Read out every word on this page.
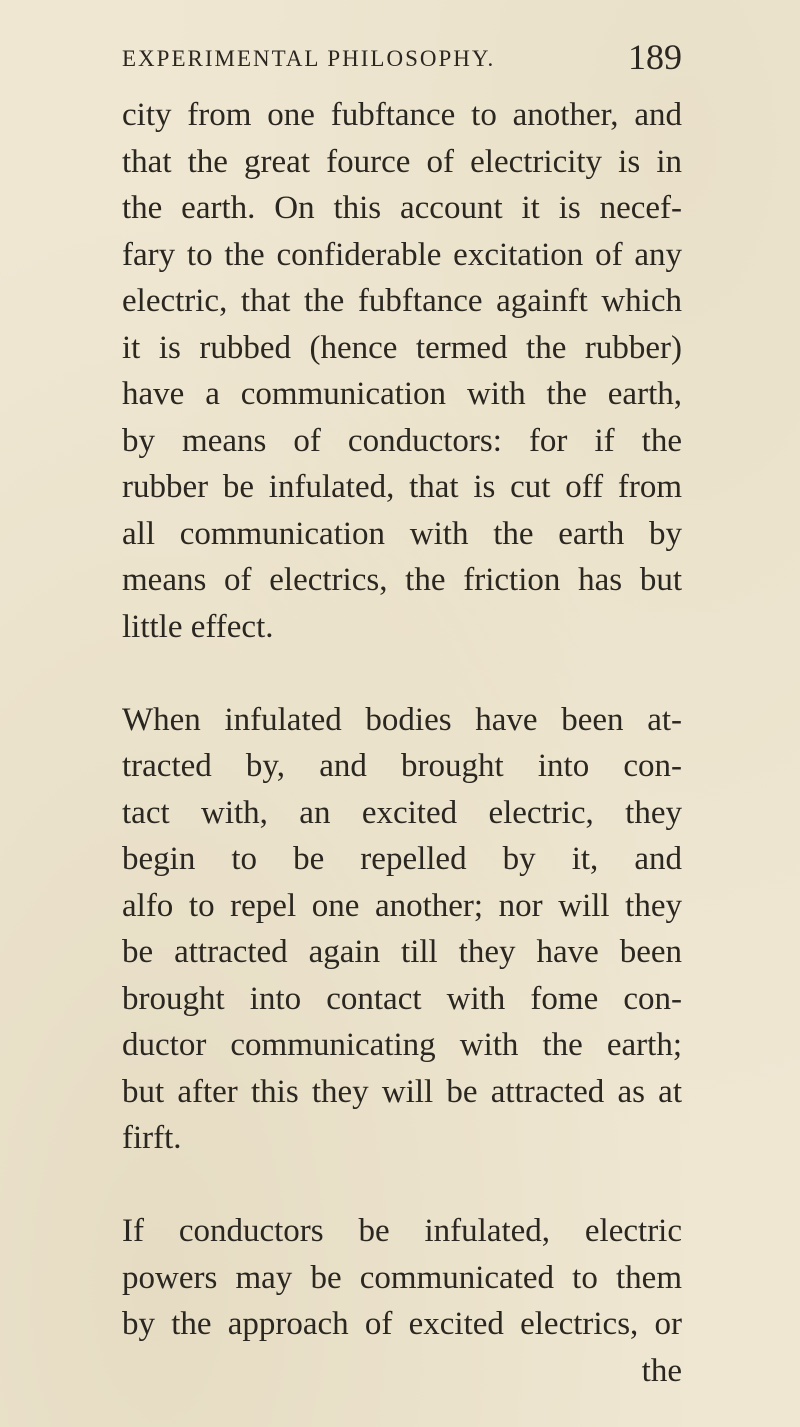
EXPERIMENTAL PHILOSOPHY.	189
city from one fubftance to another, and
that the great fource of electricity is in
the earth. On this account it is necef-
fary to the confiderable excitation of any
electric, that the fubftance againft which
it is rubbed (hence termed the rubber)
have a communication with the earth,
by means of conductors: for if the
rubber be infulated, that is cut off from
all communication with the earth by
means of electrics, the friction has but
little effect.
When infulated bodies have been at-
tracted by, and brought into con-
tact with, an excited electric, they
begin to be repelled by it, and
alfo to repel one another; nor will they
be attracted again till they have been
brought into contact with fome con-
ductor communicating with the earth;
but after this they will be attracted as at
firft.
If conductors be infulated, electric
powers may be communicated to them
by the approach of excited electrics, or
the
